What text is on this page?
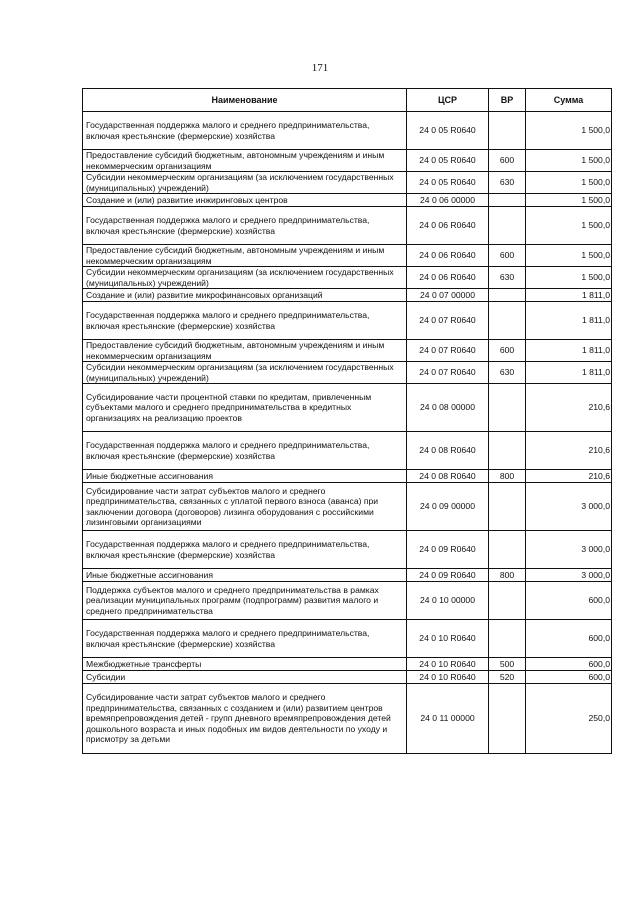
171
Наименование	ЦСР	ВР	Сумма
Государственная поддержка малого и среднего предпринимательства, включая крестьянские (фермерские) хозяйства	24 0 05 R0640		1 500,0
Предоставление субсидий бюджетным, автономным учреждениям и иным некоммерческим организациям	24 0 05 R0640	600	1 500,0
Субсидии некоммерческим организациям (за исключением государственных (муниципальных) учреждений)	24 0 05 R0640	630	1 500,0
Создание и (или) развитие инжиринговых центров	24 0 06 00000		1 500,0
Государственная поддержка малого и среднего предпринимательства, включая крестьянские (фермерские) хозяйства	24 0 06 R0640		1 500,0
Предоставление субсидий бюджетным, автономным учреждениям и иным некоммерческим организациям	24 0 06 R0640	600	1 500,0
Субсидии некоммерческим организациям (за исключением государственных (муниципальных) учреждений)	24 0 06 R0640	630	1 500,0
Создание и (или) развитие микрофинансовых организаций	24 0 07 00000		1 811,0
Государственная поддержка малого и среднего предпринимательства, включая крестьянские (фермерские) хозяйства	24 0 07 R0640		1 811,0
Предоставление субсидий бюджетным, автономным учреждениям и иным некоммерческим организациям	24 0 07 R0640	600	1 811,0
Субсидии некоммерческим организациям (за исключением государственных (муниципальных) учреждений)	24 0 07 R0640	630	1 811,0
Субсидирование части процентной ставки по кредитам, привлеченным субъектами малого и среднего предпринимательства в кредитных организациях на реализацию проектов	24 0 08 00000		210,6
Государственная поддержка малого и среднего предпринимательства, включая крестьянские (фермерские) хозяйства	24 0 08 R0640		210,6
Иные бюджетные ассигнования	24 0 08 R0640	800	210,6
Субсидирование части затрат субъектов малого и среднего предпринимательства, связанных с уплатой первого взноса (аванса) при заключении договора (договоров) лизинга оборудования с российскими лизинговыми организациями	24 0 09 00000		3 000,0
Государственная поддержка малого и среднего предпринимательства, включая крестьянские (фермерские) хозяйства	24 0 09 R0640		3 000,0
Иные бюджетные ассигнования	24 0 09 R0640	800	3 000,0
Поддержка субъектов малого и среднего предпринимательства в рамках реализации муниципальных программ (подпрограмм) развития малого и среднего предпринимательства	24 0 10 00000		600,0
Государственная поддержка малого и среднего предпринимательства, включая крестьянские (фермерские) хозяйства	24 0 10 R0640		600,0
Межбюджетные трансферты	24 0 10 R0640	500	600,0
Субсидии	24 0 10 R0640	520	600,0
Субсидирование части затрат субъектов малого и среднего предпринимательства, связанных с созданием и (или) развитием центров времяпрепровождения детей - групп дневного времяпрепровождения детей дошкольного возраста и иных подобных им видов деятельности по уходу и присмотру за детьми	24 0 11 00000		250,0
